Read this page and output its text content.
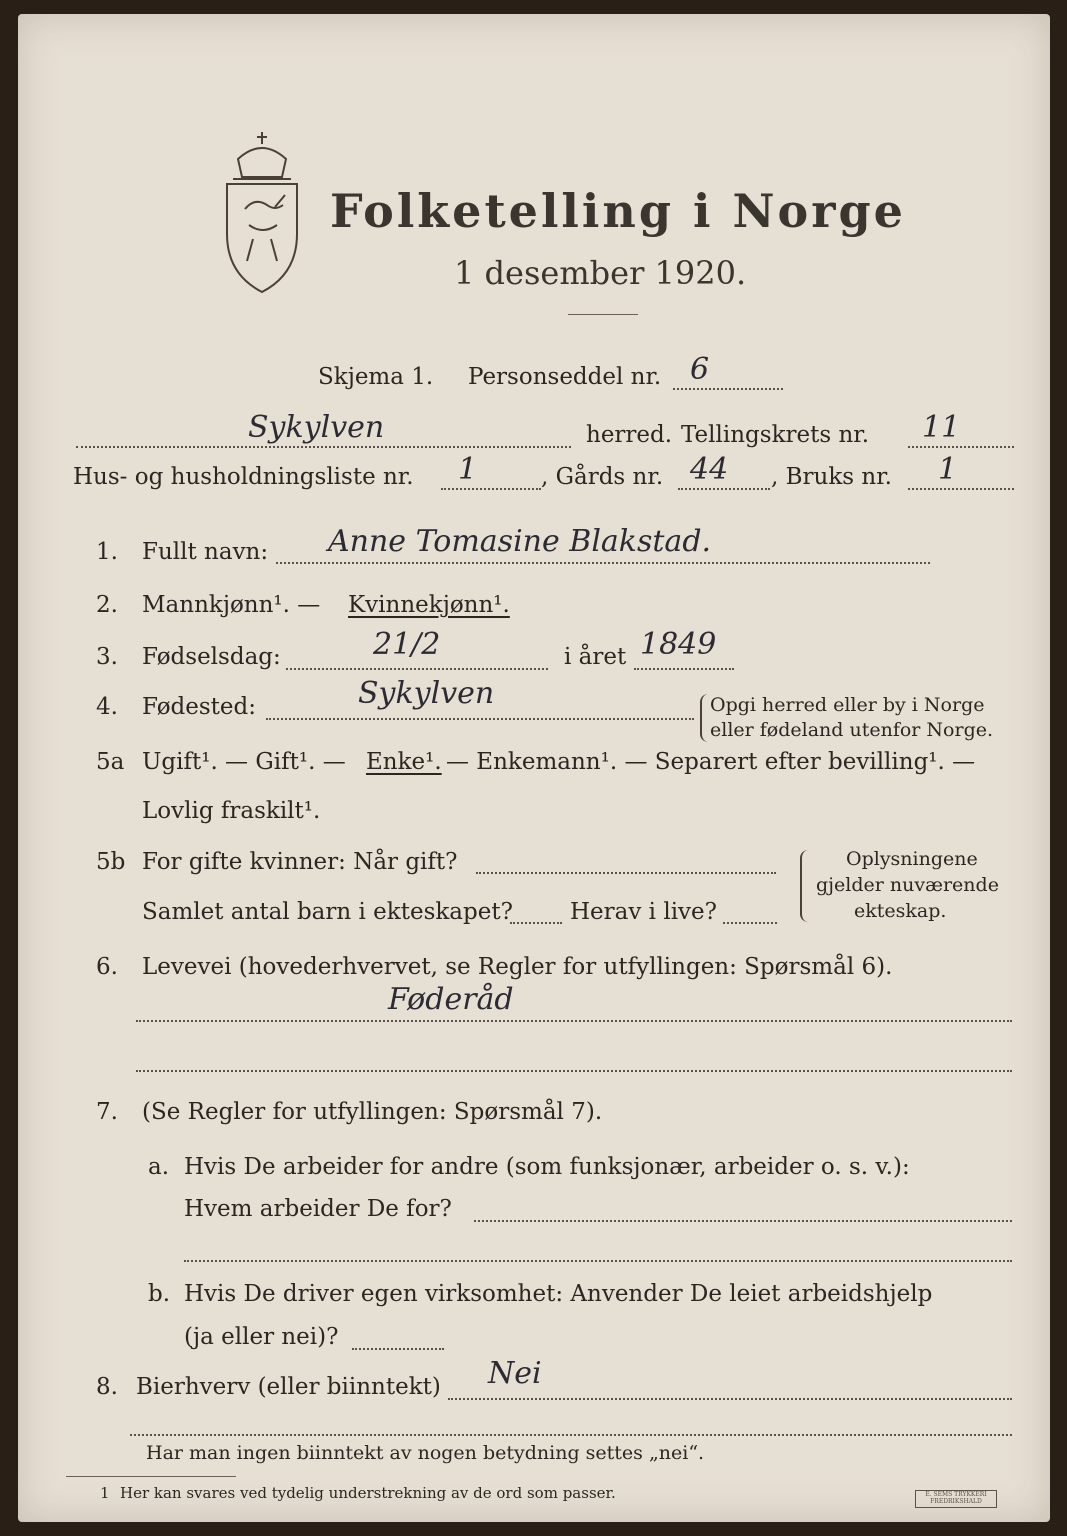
Folketelling i Norge
1 desember 1920.
Skjema 1. Personseddel nr. 6
Sykylven	herred. Tellingskrets nr. 11
Hus- og husholdningsliste nr. 1	, Gårds nr. 44 , Bruks nr. 1
1. Fullt navn: Anne Tomasine Blakstad.
2. Mannkjønn¹. — Kvinnekjønn¹.
3. Fødselsdag:	21/2	i året 1849
4. Fødested:	Sykylven	Opgi herred eller by i Norge
eller fødeland utenfor Norge.
5a Ugift¹. — Gift¹. — Enke¹. — Enkemann¹. — Separert efter bevilling¹. —
Lovlig fraskilt¹.
5b For gifte kvinner: Når gift?
Samlet antal barn i ekteskapet? Herav i live?
Oplysningene
gjelder nuværende
ekteskap.
6. Levevei (hovederhvervet, se Regler for utfyllingen: Spørsmål 6).
Føderåd
7. (Se Regler for utfyllingen: Spørsmål 7).
a. Hvis De arbeider for andre (som funksjonær, arbeider o. s. v.):
Hvem arbeider De for?
b. Hvis De driver egen virksomhet: Anvender De leiet arbeidshjelp
(ja eller nei)?
8. Bierhverv (eller biinntekt) Nei
Har man ingen biinntekt av nogen betydning settes „nei“.
1 Her kan svares ved tydelig understrekning av de ord som passer.	E. SEMS TRYKKERI FREDRIKSHALD
